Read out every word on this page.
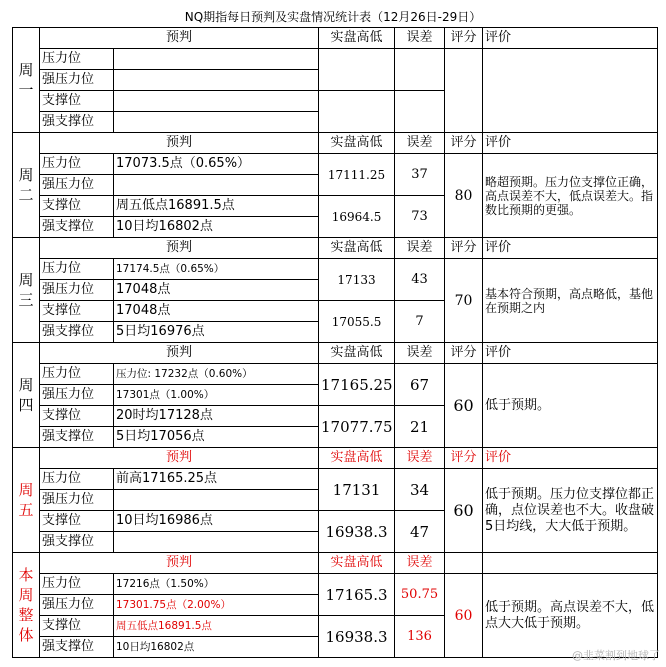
NQ期指每日预判及实盘情况统计表（12月26日-29日）
周一	预判		实盘高低	误差	评分	评价
	压力位					
	强压力位					
	支撑位					
	强支撑位					
周二	预判		实盘高低	误差	评分	评价
	压力位	17073.5点（0.65%）	17111.25	37	80	略超预期。压力位支撑位正确，高点误差不大，低点误差大。指数比预期的更强。
	强压力位					
	支撑位	周五低点16891.5点	16964.5	73		
	强支撑位	10日均16802点				
周三	预判		实盘高低	误差	评分	评价
	压力位	17174.5点（0.65%）	17133	43	70	基本符合预期，高点略低，基他在预期之内
	强压力位	17048点				
	支撑位	17048点	17055.5	7		
	强支撑位	5日均16976点				
周四	预判		实盘高低	误差	评分	评价
	压力位	压力位: 17232点（0.60%）	17165.25	67	60	低于预期。
	强压力位	17301点（1.00%）				
	支撑位	20时均17128点	17077.75	21		
	强支撑位	5日均17056点				
周五	预判		实盘高低	误差	评分	评价
	压力位	前高17165.25点	17131	34	60	低于预期。压力位支撑位都正确，点位误差也不大。收盘破5日均线，大大低于预期。
	强压力位					
	支撑位	10日均16986点	16938.3	47		
	强支撑位					
本周整体	预判		实盘高低	误差		
	压力位	17216点（1.50%）	17165.3	50.75	60	低于预期。高点误差不大，低点大大低于预期。
	强压力位	17301.75点（2.00%）				
	支撑位	周五低点16891.5点	16938.3	136		
	强支撑位	10日均16802点				
@韭菜割到地球了
